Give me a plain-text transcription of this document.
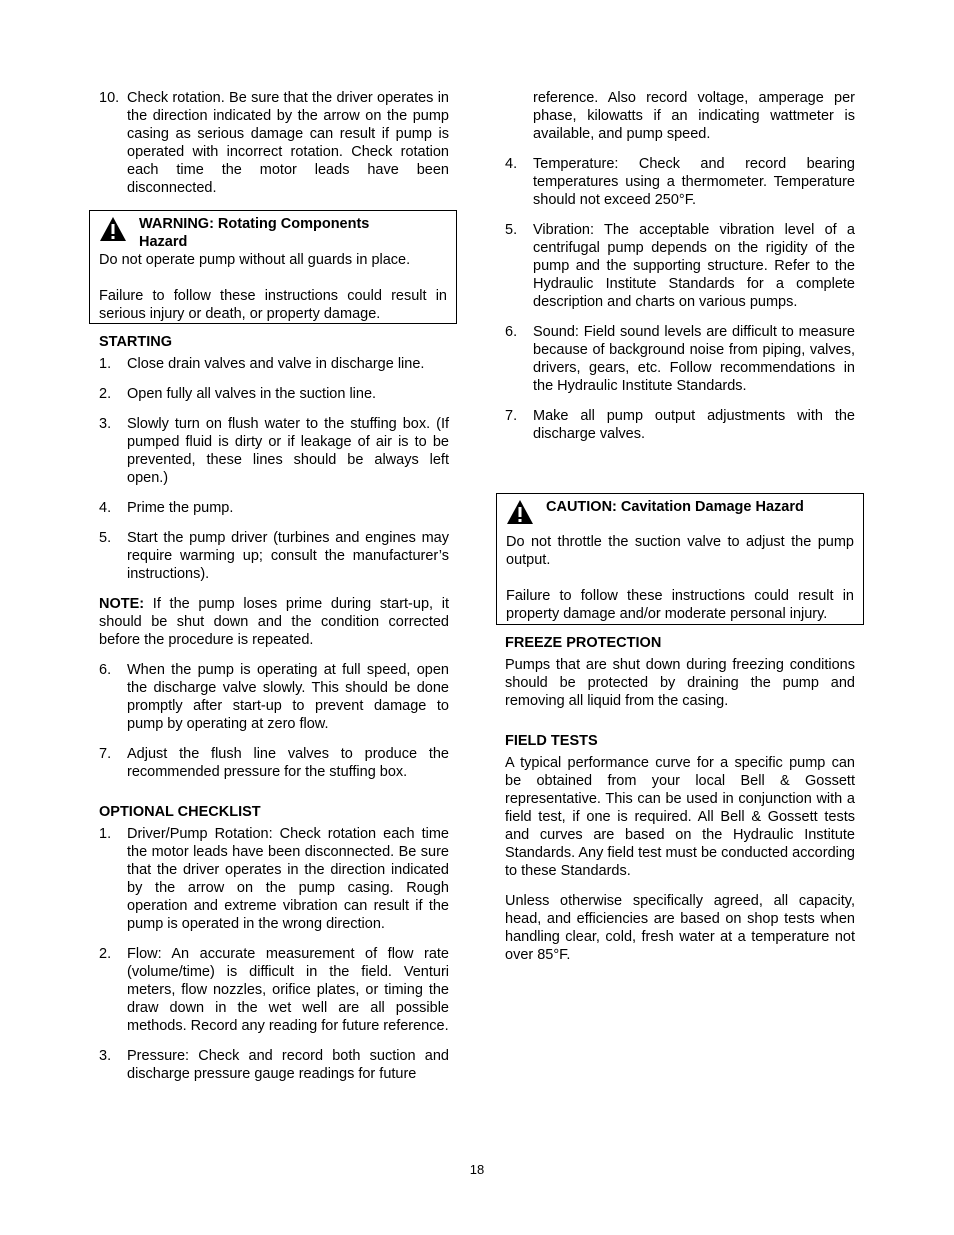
10. Check rotation. Be sure that the driver operates in the direction indicated by the arrow on the pump casing as serious damage can result if pump is operated with incorrect rotation. Check rotation each time the motor leads have been disconnected.
WARNING: Rotating Components Hazard

Do not operate pump without all guards in place.

Failure to follow these instructions could result in serious injury or death, or property damage.

STARTING
1.	Close drain valves and valve in discharge line.
2.	Open fully all valves in the suction line.
3.	Slowly turn on flush water to the stuffing box. (If pumped fluid is dirty or if leakage of air is to be prevented, these lines should be always left open.)
4.	Prime the pump.
5.	Start the pump driver (turbines and engines may require warming up; consult the manufacturer’s instructions).

NOTE: If the pump loses prime during start-up, it should be shut down and the condition corrected before the procedure is repeated.

6.	When the pump is operating at full speed, open the discharge valve slowly. This should be done promptly after start-up to prevent damage to pump by operating at zero flow.
7.	Adjust the flush line valves to produce the recommended pressure for the stuffing box.
OPTIONAL CHECKLIST
1.	Driver/Pump Rotation: Check rotation each time the motor leads have been disconnected. Be sure that the driver operates in the direction indicated by the arrow on the pump casing. Rough operation and extreme vibration can result if the pump is operated in the wrong direction.
2.	Flow: An accurate measurement of flow rate (volume/time) is difficult in the field. Venturi meters, flow nozzles, orifice plates, or timing the draw down in the wet well are all possible methods. Record any reading for future reference.
3.	Pressure: Check and record both suction and discharge pressure gauge readings for future
reference. Also record voltage, amperage per phase, kilowatts if an indicating wattmeter is available, and pump speed.
4.	Temperature: Check and record bearing temperatures using a thermometer. Temperature should not exceed 250°F.
5.	Vibration: The acceptable vibration level of a centrifugal pump depends on the rigidity of the pump and the supporting structure. Refer to the Hydraulic Institute Standards for a complete description and charts on various pumps.
6.	Sound: Field sound levels are difficult to measure because of background noise from piping, valves, drivers, gears, etc. Follow recommendations in the Hydraulic Institute Standards.
7.	Make all pump output adjustments with the discharge valves.
CAUTION: Cavitation Damage Hazard

Do not throttle the suction valve to adjust the pump output.

Failure to follow these instructions could result in property damage and/or moderate personal injury.

FREEZE PROTECTION

Pumps that are shut down during freezing conditions should be protected by draining the pump and removing all liquid from the casing.

FIELD TESTS

A typical performance curve for a specific pump can be obtained from your local Bell & Gossett representative. This can be used in conjunction with a field test, if one is required. All Bell & Gossett tests and curves are based on the Hydraulic Institute Standards. Any field test must be conducted according to these Standards.

Unless otherwise specifically agreed, all capacity, head, and efficiencies are based on shop tests when handling clear, cold, fresh water at a temperature not over 85°F.

18
